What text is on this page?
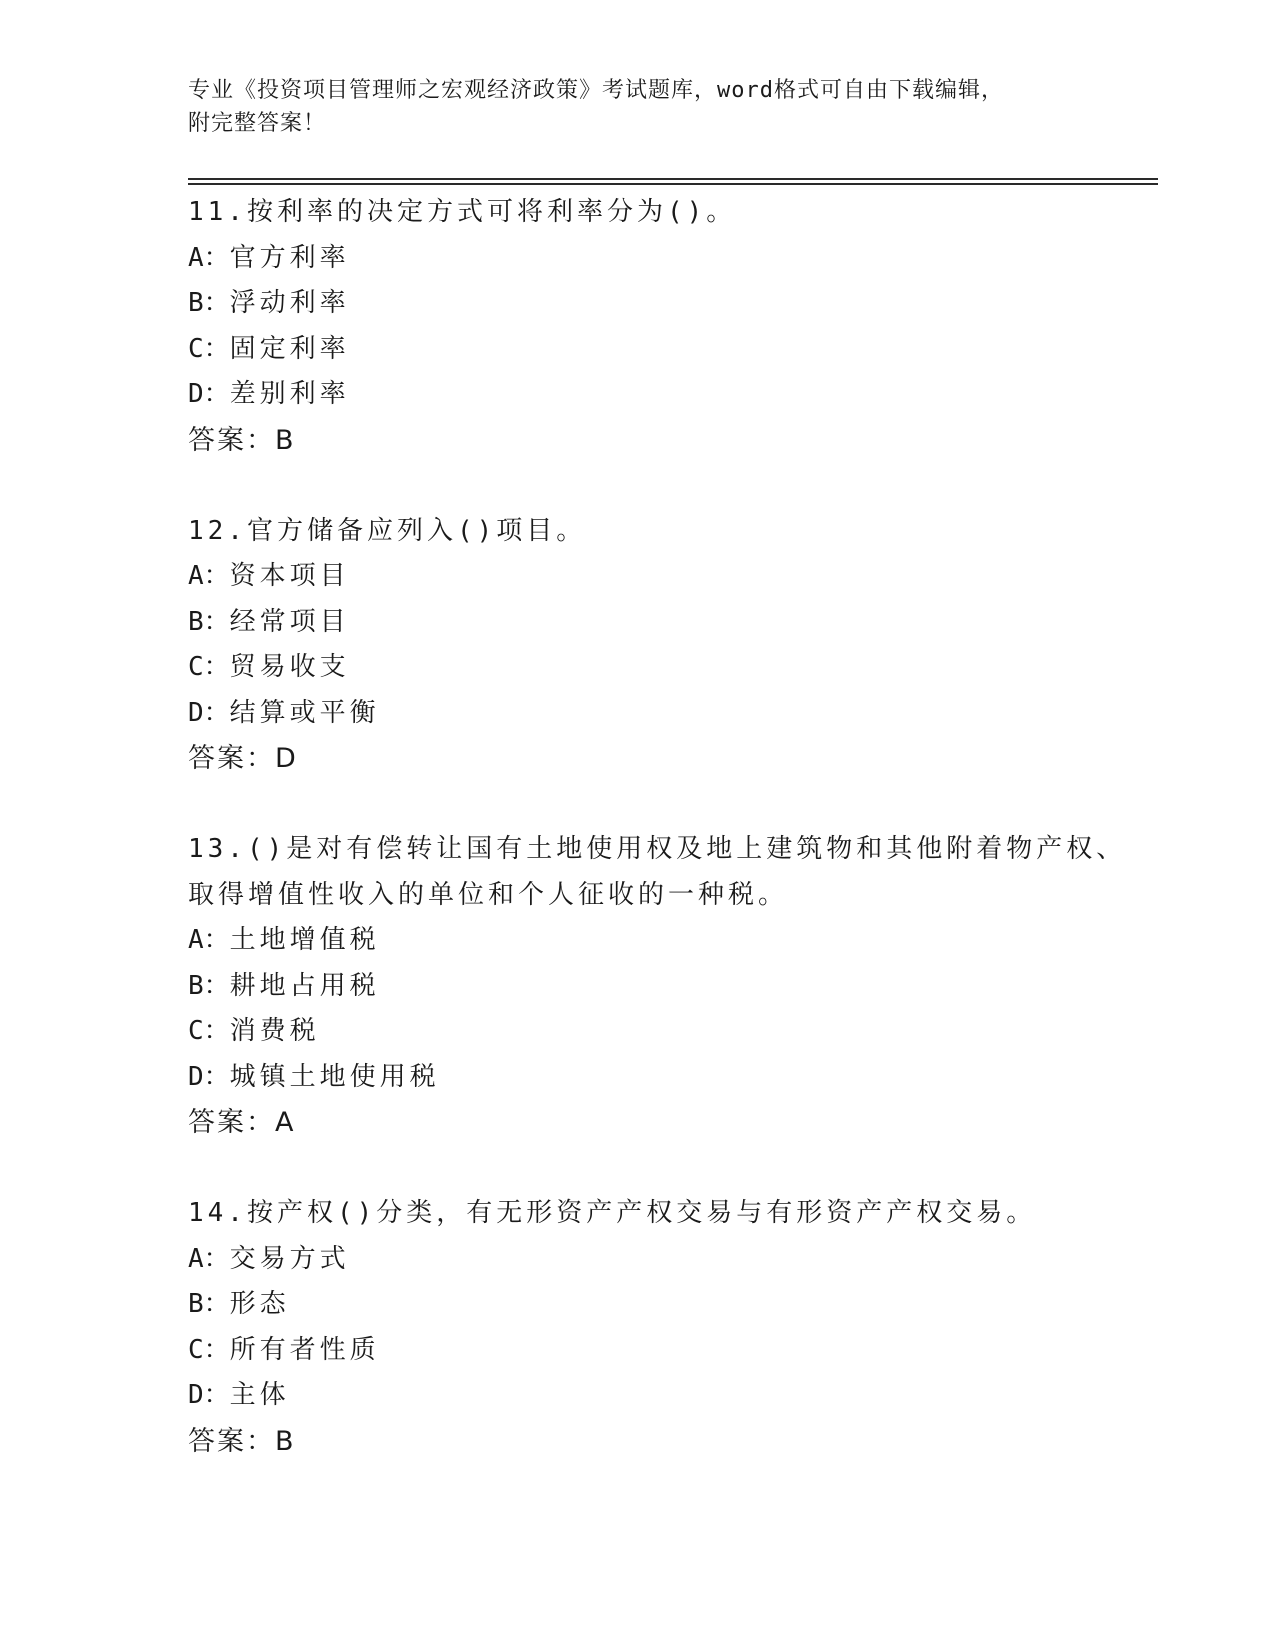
专业《投资项目管理师之宏观经济政策》考试题库，word格式可自由下载编辑，
附完整答案！
11.按利率的决定方式可将利率分为()。
A：官方利率
B：浮动利率
C：固定利率
D：差别利率
答案：B
12.官方储备应列入()项目。
A：资本项目
B：经常项目
C：贸易收支
D：结算或平衡
答案：D
13.()是对有偿转让国有土地使用权及地上建筑物和其他附着物产权、
取得增值性收入的单位和个人征收的一种税。
A：土地增值税
B：耕地占用税
C：消费税
D：城镇土地使用税
答案：A
14.按产权()分类，有无形资产产权交易与有形资产产权交易。
A：交易方式
B：形态
C：所有者性质
D：主体
答案：B
